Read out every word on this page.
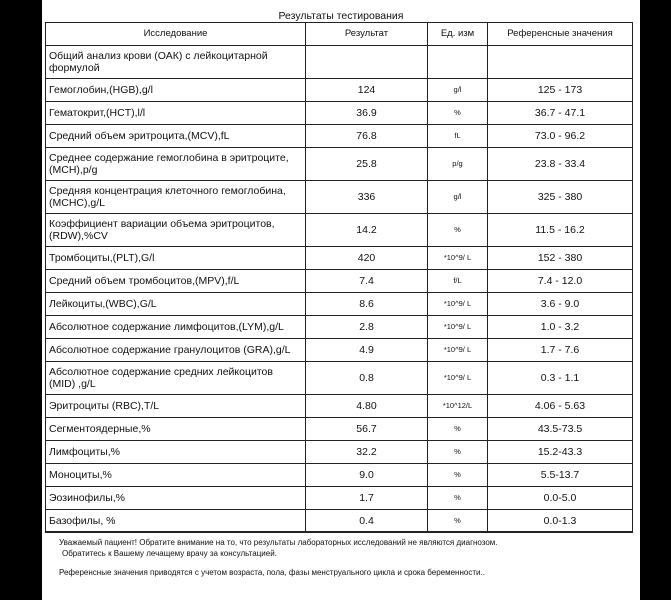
Результаты тестирования
Исследование	Результат	Ед. изм	Референсные значения
Общий анализ крови (ОАК) с лейкоцитарной формулой			
Гемоглобин,(HGB),g/l	124	g/l	125 - 173
Гематокрит,(HCT),l/l	36.9	%	36.7 - 47.1
Средний объем эритроцита,(MCV),fL	76.8	fL	73.0 - 96.2
Среднее содержание гемоглобина в эритроците,(MCH),p/g	25.8	p/g	23.8 - 33.4
Средняя концентрация клеточного гемоглобина,(MCHC),g/L	336	g/l	325 - 380
Коэффициент вариации объема эритроцитов,(RDW),%CV	14.2	%	11.5 - 16.2
Тромбоциты,(PLT),G/l	420	*10^9/ L	152 - 380
Средний объем тромбоцитов,(MPV),f/L	7.4	f/L	7.4 - 12.0
Лейкоциты,(WBC),G/L	8.6	*10^9/ L	3.6 - 9.0
Абсолютное содержание лимфоцитов,(LYM),g/L	2.8	*10^9/ L	1.0 - 3.2
Абсолютное содержание гранулоцитов (GRA),g/L	4.9	*10^9/ L	1.7 - 7.6
Абсолютное содержание средних лейкоцитов (MID) ,g/L	0.8	*10^9/ L	0.3 - 1.1
Эритроциты (RBC),T/L	4.80	*10^12/L	4.06 - 5.63
Сегментоядерные,%	56.7	%	43.5-73.5
Лимфоциты,%	32.2	%	15.2-43.3
Моноциты,%	9.0	%	5.5-13.7
Эозинофилы,%	1.7	%	0.0-5.0
Базофилы, %	0.4	%	0.0-1.3

Уважаемый пациент! Обратите внимание на то, что результаты лабораторных исследований не являются диагнозом.

Обратитесь к Вашему лечащему врачу за консультацией.

Референсные значения приводятся с учетом возраста, пола, фазы менструального цикла и срока беременности..
